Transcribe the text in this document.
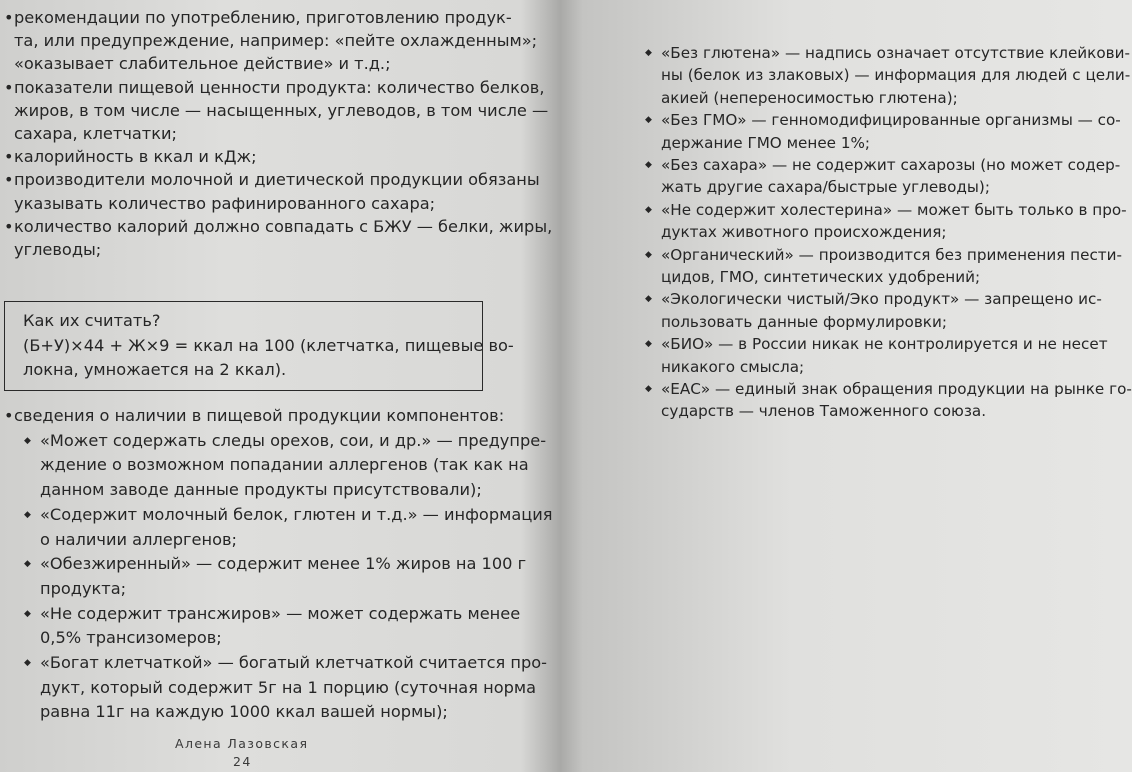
• рекомендации по употреблению, приготовлению продук-
та, или предупреждение, например: «пейте охлажденным»;
«оказывает слабительное действие» и т.д.;
• показатели пищевой ценности продукта: количество белков,
жиров, в том числе — насыщенных, углеводов, в том числе —
сахара, клетчатки;
• калорийность в ккал и кДж;
• производители молочной и диетической продукции обязаны
указывать количество рафинированного сахара;
• количество калорий должно совпадать с БЖУ — белки, жиры,
углеводы;
• сведения о наличии в пищевой продукции компонентов:
◆ «Может содержать следы орехов, сои, и др.» — предупре-
ждение о возможном попадании аллергенов (так как на
данном заводе данные продукты присутствовали);
◆ «Содержит молочный белок, глютен и т.д.» — информация
о наличии аллергенов;
◆ «Обезжиренный» — содержит менее 1% жиров на 100 г
продукта;
◆ «Не содержит трансжиров» — может содержать менее
0,5% трансизомеров;
◆ «Богат клетчаткой» — богатый клетчаткой считается про-
дукт, который содержит 5г на 1 порцию (суточная норма
равна 11г на каждую 1000 ккал вашей нормы);
Как их считать?
(Б+У)×44 + Ж×9 = ккал на 100 (клетчатка, пищевые во-
локна, умножается на 2 ккал).
Алена Лазовская
24
◆ «Без глютена» — надпись означает отсутствие клейкови-
ны (белок из злаковых) — информация для людей с цели-
акией (непереносимостью глютена);
◆ «Без ГМО» — генномодифицированные организмы — со-
держание ГМО менее 1%;
◆ «Без сахара» — не содержит сахарозы (но может содер-
жать другие сахара/быстрые углеводы);
◆ «Не содержит холестерина» — может быть только в про-
дуктах животного происхождения;
◆ «Органический» — производится без применения пести-
цидов, ГМО, синтетических удобрений;
◆ «Экологически чистый/Эко продукт» — запрещено ис-
пользовать данные формулировки;
◆ «БИО» — в России никак не контролируется и не несет
никакого смысла;
◆ «ЕАС» — единый знак обращения продукции на рынке го-
сударств — членов Таможенного союза.
